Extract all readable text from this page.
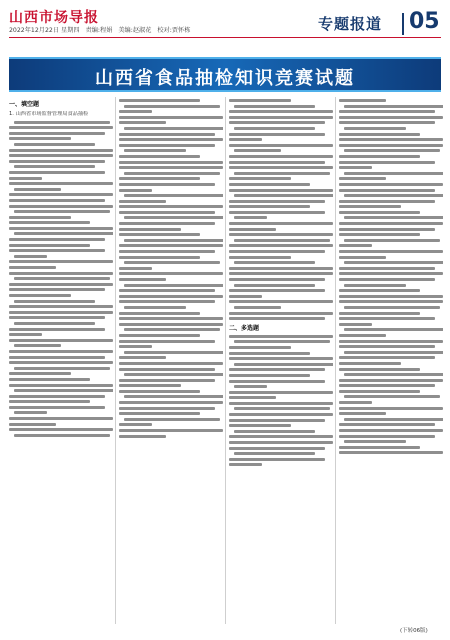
山西市场导报
2022年12月22日 星期四 责编:程娟 美编:赵淑花 校对:贾怀栋	专题报道 05
山西省食品抽检知识竞赛试题
一、填空题
1. 山西省市场监督管理局食品抽检
二、多选题
(下转06版)
